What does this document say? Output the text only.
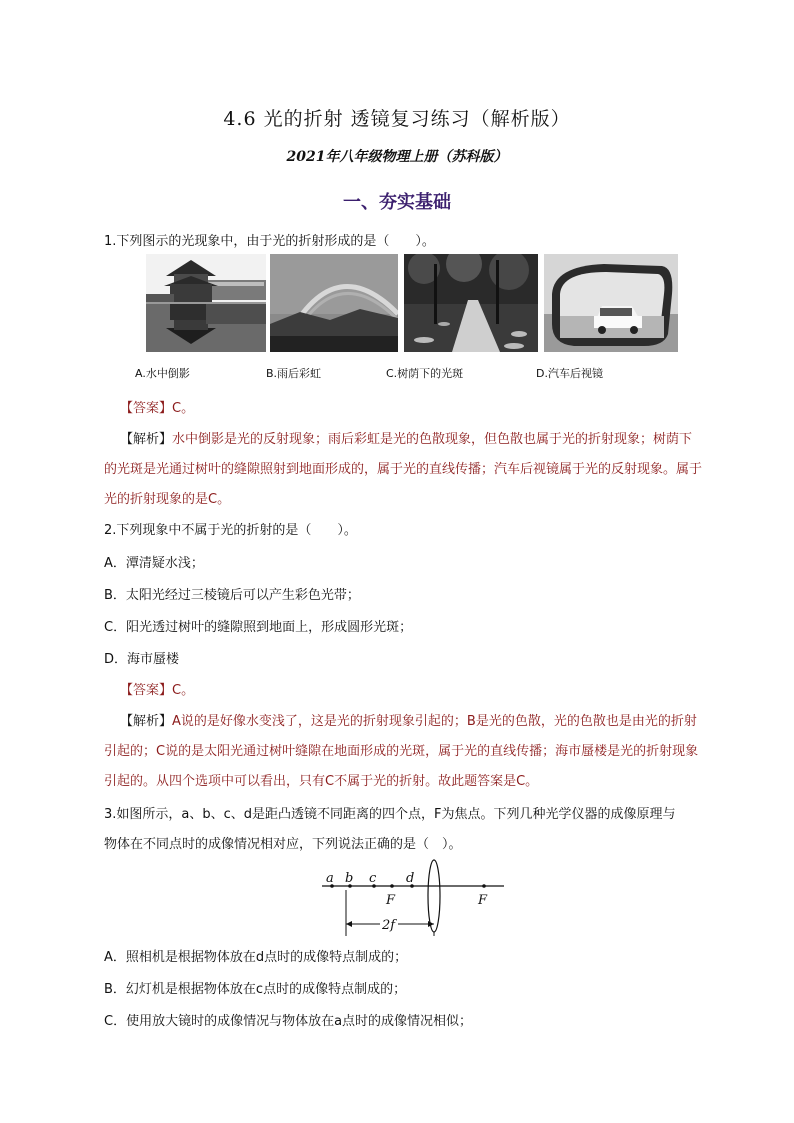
4.6 光的折射 透镜复习练习（解析版）
2021年八年级物理上册（苏科版）
一、夯实基础
1.下列图示的光现象中，由于光的折射形成的是（　　）。
A.水中倒影	B.雨后彩虹	C.树荫下的光斑	D.汽车后视镜
【答案】C。
【解析】水中倒影是光的反射现象；雨后彩虹是光的色散现象，但色散也属于光的折射现象；树荫下
的光斑是光通过树叶的缝隙照射到地面形成的，属于光的直线传播；汽车后视镜属于光的反射现象。属于
光的折射现象的是C。
2.下列现象中不属于光的折射的是（　　）。
A．潭清疑水浅；
B．太阳光经过三棱镜后可以产生彩色光带；
C．阳光透过树叶的缝隙照到地面上，形成圆形光斑；
D．海市蜃楼
【答案】C。
【解析】A说的是好像水变浅了，这是光的折射现象引起的；B是光的色散，光的色散也是由光的折射
引起的；C说的是太阳光通过树叶缝隙在地面形成的光斑，属于光的直线传播；海市蜃楼是光的折射现象
引起的。从四个选项中可以看出，只有C不属于光的折射。故此题答案是C。
3.如图所示，a、b、c、d是距凸透镜不同距离的四个点，F为焦点。下列几种光学仪器的成像原理与
物体在不同点时的成像情况相对应，下列说法正确的是（　）。
a b c d
F	F
2f
A．照相机是根据物体放在d点时的成像特点制成的；
B．幻灯机是根据物体放在c点时的成像特点制成的；
C．使用放大镜时的成像情况与物体放在a点时的成像情况相似；
